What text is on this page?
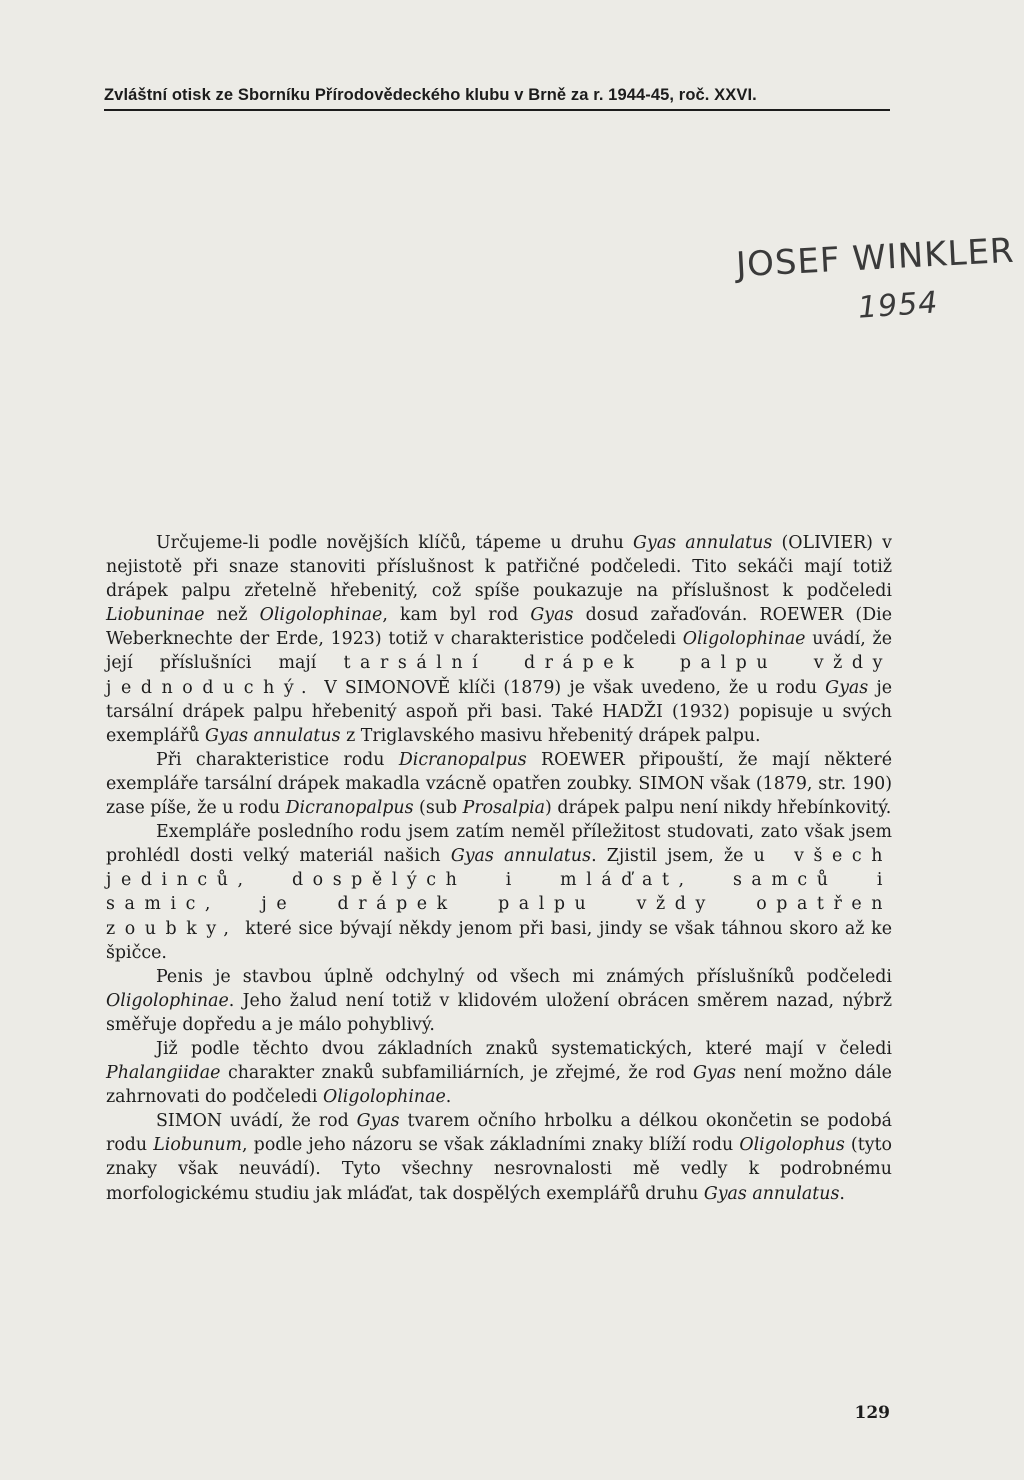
Zvláštní otisk ze Sborníku Přírodovědeckého klubu v Brně za r. 1944-45, roč. XXVI.
JOSEF WINKLER
1954

Určujeme-li podle novějších klíčů, tápeme u druhu Gyas annulatus (OLIVIER) v nejistotě při snaze stanoviti příslušnost k patřičné podčeledi. Tito sekáči mají totiž drápek palpu zřetelně hřebenitý, což spíše poukazuje na příslušnost k podčeledi Liobuninae než Oligolophinae, kam byl rod Gyas dosud zařaďován. ROEWER (Die Weberknechte der Erde, 1923) totiž v charakteristice podčeledi Oligolophinae uvádí, že její příslušníci mají tarsální drápek palpu vždy jednoduchý. V SIMONOVĚ klíči (1879) je však uvedeno, že u rodu Gyas je tarsální drápek palpu hřebenitý aspoň při basi. Také HADŽI (1932) popisuje u svých exemplářů Gyas annulatus z Triglavského masivu hřebenitý drápek palpu.

Při charakteristice rodu Dicranopalpus ROEWER připouští, že mají některé exempláře tarsální drápek makadla vzácně opatřen zoubky. SIMON však (1879, str. 190) zase píše, že u rodu Dicranopalpus (sub Prosalpia) drápek palpu není nikdy hřebínkovitý.

Exempláře posledního rodu jsem zatím neměl příležitost studovati, zato však jsem prohlédl dosti velký materiál našich Gyas annulatus. Zjistil jsem, že u všech jedinců, dospělých i mláďat, samců i samic, je drápek palpu vždy opatřen zoubky, které sice bývají někdy jenom při basi, jindy se však táhnou skoro až ke špičce.

Penis je stavbou úplně odchylný od všech mi známých příslušníků podčeledi Oligolophinae. Jeho žalud není totiž v klidovém uložení obrácen směrem nazad, nýbrž směřuje dopředu a je málo pohyblivý.

Již podle těchto dvou základních znaků systematických, které mají v čeledi Phalangiidae charakter znaků subfamiliárních, je zřejmé, že rod Gyas není možno dále zahrnovati do podčeledi Oligolophinae.

SIMON uvádí, že rod Gyas tvarem očního hrbolku a délkou okončetin se podobá rodu Liobunum, podle jeho názoru se však základními znaky blíží rodu Oligolophus (tyto znaky však neuvádí). Tyto všechny nesrovnalosti mě vedly k podrobnému morfologickému studiu jak mláďat, tak dospělých exemplářů druhu Gyas annulatus.

129
